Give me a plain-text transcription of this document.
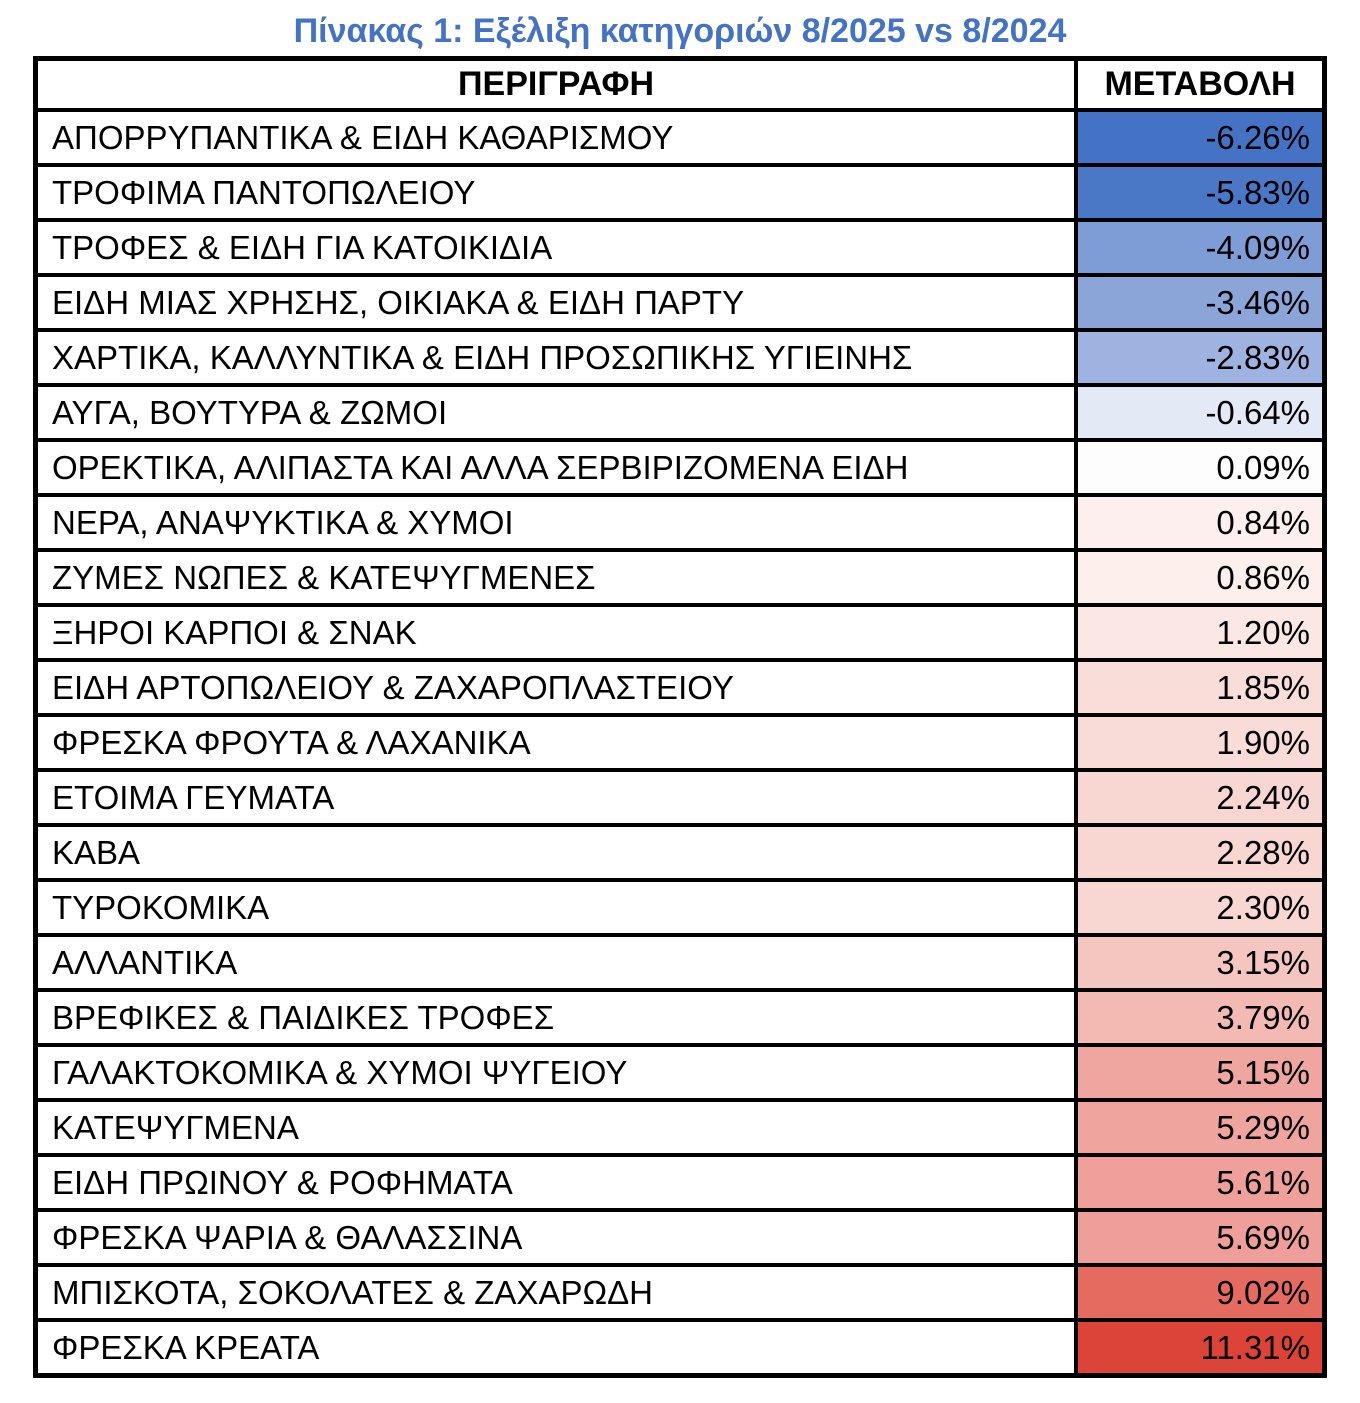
Πίνακας 1: Εξέλιξη κατηγοριών 8/2025 vs 8/2024
ΠΕΡΙΓΡΑΦΗ	ΜΕΤΑΒΟΛΗ
ΑΠΟΡΡΥΠΑΝΤΙΚΑ & ΕΙΔΗ ΚΑΘΑΡΙΣΜΟΥ	-6.26%
ΤΡΟΦΙΜΑ ΠΑΝΤΟΠΩΛΕΙΟΥ	-5.83%
ΤΡΟΦΕΣ & ΕΙΔΗ ΓΙΑ ΚΑΤΟΙΚΙΔΙΑ	-4.09%
ΕΙΔΗ ΜΙΑΣ ΧΡΗΣΗΣ, ΟΙΚΙΑΚΑ & ΕΙΔΗ ΠΑΡΤΥ	-3.46%
ΧΑΡΤΙΚΑ, ΚΑΛΛΥΝΤΙΚΑ & ΕΙΔΗ ΠΡΟΣΩΠΙΚΗΣ ΥΓΙΕΙΝΗΣ	-2.83%
ΑΥΓΑ, ΒΟΥΤΥΡΑ & ΖΩΜΟΙ	-0.64%
ΟΡΕΚΤΙΚΑ, ΑΛΙΠΑΣΤΑ ΚΑΙ ΑΛΛΑ ΣΕΡΒΙΡΙΖΟΜΕΝΑ ΕΙΔΗ	0.09%
ΝΕΡΑ, ΑΝΑΨΥΚΤΙΚΑ & ΧΥΜΟΙ	0.84%
ΖΥΜΕΣ ΝΩΠΕΣ & ΚΑΤΕΨΥΓΜΕΝΕΣ	0.86%
ΞΗΡΟΙ ΚΑΡΠΟΙ & ΣΝΑΚ	1.20%
ΕΙΔΗ ΑΡΤΟΠΩΛΕΙΟΥ & ΖΑΧΑΡΟΠΛΑΣΤΕΙΟΥ	1.85%
ΦΡΕΣΚΑ ΦΡΟΥΤΑ & ΛΑΧΑΝΙΚΑ	1.90%
ΕΤΟΙΜΑ ΓΕΥΜΑΤΑ	2.24%
ΚΑΒΑ	2.28%
ΤΥΡΟΚΟΜΙΚΑ	2.30%
ΑΛΛΑΝΤΙΚΑ	3.15%
ΒΡΕΦΙΚΕΣ & ΠΑΙΔΙΚΕΣ ΤΡΟΦΕΣ	3.79%
ΓΑΛΑΚΤΟΚΟΜΙΚΑ & ΧΥΜΟΙ ΨΥΓΕΙΟΥ	5.15%
ΚΑΤΕΨΥΓΜΕΝΑ	5.29%
ΕΙΔΗ ΠΡΩΙΝΟΥ & ΡΟΦΗΜΑΤΑ	5.61%
ΦΡΕΣΚΑ ΨΑΡΙΑ & ΘΑΛΑΣΣΙΝΑ	5.69%
ΜΠΙΣΚΟΤΑ, ΣΟΚΟΛΑΤΕΣ & ΖΑΧΑΡΩΔΗ	9.02%
ΦΡΕΣΚΑ ΚΡΕΑΤΑ	11.31%
